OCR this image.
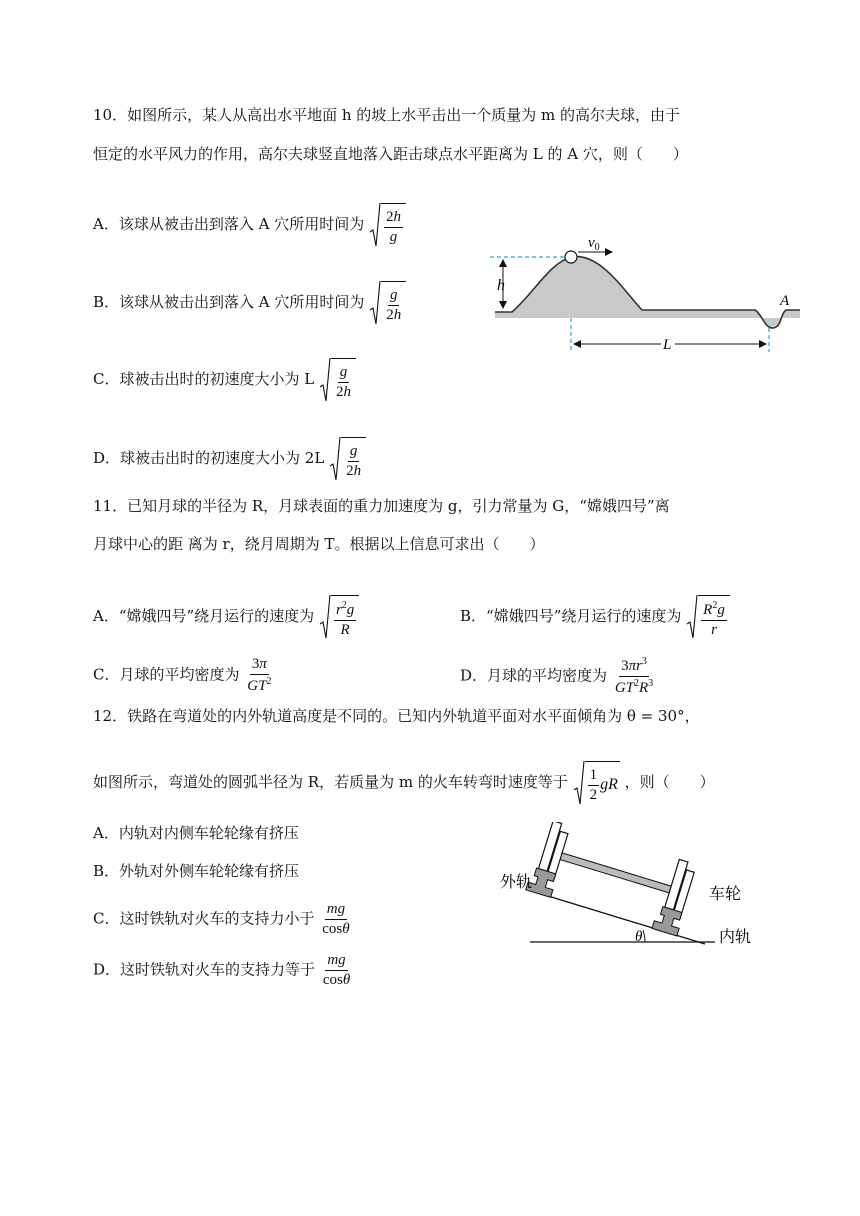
10．如图所示，某人从高出水平地面 h 的坡上水平击出一个质量为 m 的高尔夫球，由于
恒定的水平风力的作用，高尔夫球竖直地落入距击球点水平距离为 L 的 A 穴，则（　　）
A．该球从被击出到落入 A 穴所用时间为 $\frac{2h}{g}$
B．该球从被击出到落入 A 穴所用时间为 $\frac{g}{2h}$
C．球被击出时的初速度大小为 L $\frac{g}{2h}$
D．球被击出时的初速度大小为 $2L \frac{g}{2h}$
h
$v_0$
A
L
11．已知月球的半径为 R，月球表面的重力加速度为 g，引力常量为 G，“嫦娥四号”离
月球中心的距 离为 r，绕月周期为 T。根据以上信息可求出（　　）
A．“嫦娥四号”绕月运行的速度为 $\frac{r^2g}{R}$	B．“嫦娥四号”绕月运行的速度为 $\frac{R^2g}{r}$
C．月球的平均密度为 $\frac{3\pi}{GT^2}$	D．月球的平均密度为 $\frac{3\pi r^3}{GT^2R^3}$
12．铁路在弯道处的内外轨道高度是不同的。已知内外轨道平面对水平面倾角为 θ = 30°，
如图所示，弯道处的圆弧半径为 R，若质量为 m 的火车转弯时速度等于 $\frac{1}{2}$ gR ，则（　　）
A．内轨对内侧车轮轮缘有挤压
B．外轨对外侧车轮轮缘有挤压
C．这时铁轨对火车的支持力小于 $\frac{mg}{\cos\theta}$
D．这时铁轨对火车的支持力等于 $\frac{mg}{\cos\theta}$
θ
外轨
车轮
内轨
